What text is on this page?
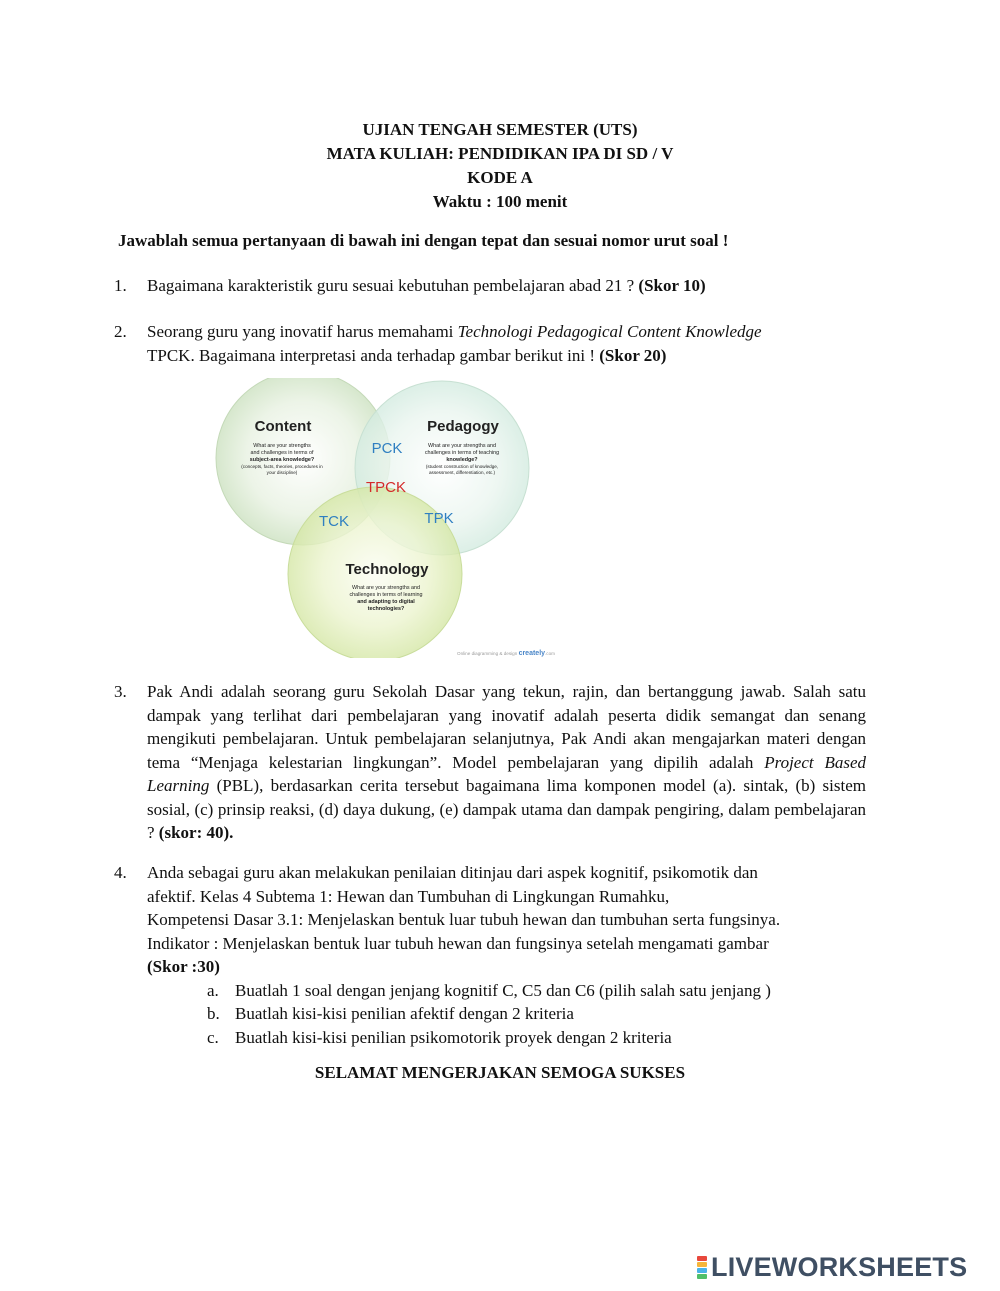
UJIAN TENGAH SEMESTER (UTS)
MATA KULIAH: PENDIDIKAN IPA DI SD / V
KODE A
Waktu : 100 menit
Jawablah semua pertanyaan di bawah ini dengan tepat dan sesuai nomor urut soal !
1. Bagaimana karakteristik guru sesuai kebutuhan pembelajaran abad 21 ? (Skor 10)
2. Seorang guru yang inovatif harus memahami Technologi Pedagogical Content Knowledge
TPCK. Bagaimana interpretasi anda terhadap gambar berikut ini ! (Skor 20)
Content
What are your strengths
and challenges in terms of
subject-area knowledge?
(concepts, facts, theories, procedures in
your discipline)
Pedagogy
What are your strengths and
challenges in terms of teaching
knowledge?
(student construction of knowledge,
assessment, differentiation, etc.)
Technology
What are your strengths and
challenges in terms of learning
and adapting to digital
technologies?
PCK
TPCK
TCK	TPK
Online diagramming & design creately.com
3. Pak Andi adalah seorang guru Sekolah Dasar yang tekun, rajin, dan bertanggung jawab. Salah satu dampak yang terlihat dari pembelajaran yang inovatif adalah peserta didik semangat dan senang mengikuti pembelajaran. Untuk pembelajaran selanjutnya, Pak Andi akan mengajarkan materi dengan tema “Menjaga kelestarian lingkungan”. Model pembelajaran yang dipilih adalah Project Based Learning (PBL), berdasarkan cerita tersebut bagaimana lima komponen model (a). sintak, (b) sistem sosial, (c) prinsip reaksi, (d) daya dukung, (e) dampak utama dan dampak pengiring, dalam pembelajaran ? (skor: 40).
4. Anda sebagai guru akan melakukan penilaian ditinjau dari aspek kognitif, psikomotik dan
afektif. Kelas 4 Subtema 1: Hewan dan Tumbuhan di Lingkungan Rumahku,
Kompetensi Dasar 3.1: Menjelaskan bentuk luar tubuh hewan dan tumbuhan serta fungsinya.
Indikator : Menjelaskan bentuk luar tubuh hewan dan fungsinya setelah mengamati gambar
(Skor :30)
a. Buatlah 1 soal dengan jenjang kognitif C, C5 dan C6 (pilih salah satu jenjang )
b. Buatlah kisi-kisi penilian afektif dengan 2 kriteria
c. Buatlah kisi-kisi penilian psikomotorik proyek dengan 2 kriteria
SELAMAT MENGERJAKAN SEMOGA SUKSES
LIVEWORKSHEETS
